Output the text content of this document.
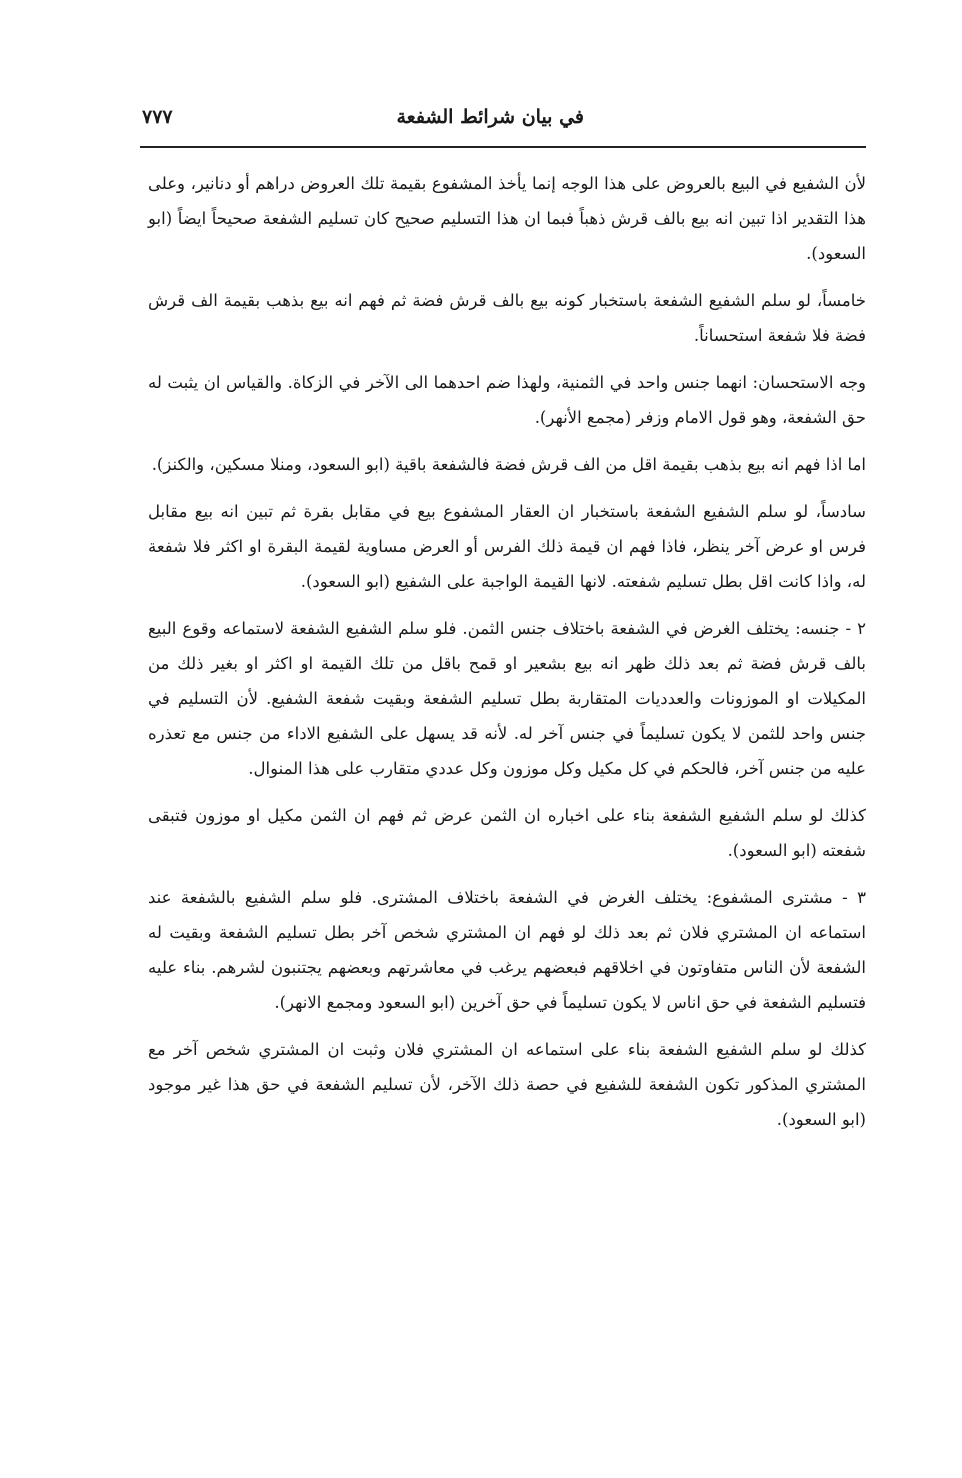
في بيان شرائط الشفعة
٧٧٧

لأن الشفيع في البيع بالعروض على هذا الوجه إنما يأخذ المشفوع بقيمة تلك العروض دراهم أو دنانير، وعلى هذا التقدير اذا تبين انه بيع بالف قرش ذهباً فبما ان هذا التسليم صحيح كان تسليم الشفعة صحيحاً ايضاً (ابو السعود).

خامساً، لو سلم الشفيع الشفعة باستخبار كونه بيع بالف قرش فضة ثم فهم انه بيع بذهب بقيمة الف قرش فضة فلا شفعة استحساناً.

وجه الاستحسان: انهما جنس واحد في الثمنية، ولهذا ضم احدهما الى الآخر في الزكاة. والقياس ان يثبت له حق الشفعة، وهو قول الامام وزفر (مجمع الأنهر).

اما اذا فهم انه بيع بذهب بقيمة اقل من الف قرش فضة فالشفعة باقية (ابو السعود، ومنلا مسكين، والكنز).

سادساً، لو سلم الشفيع الشفعة باستخبار ان العقار المشفوع بيع في مقابل بقرة ثم تبين انه بيع مقابل فرس او عرض آخر ينظر، فاذا فهم ان قيمة ذلك الفرس أو العرض مساوية لقيمة البقرة او اكثر فلا شفعة له، واذا كانت اقل بطل تسليم شفعته. لانها القيمة الواجبة على الشفيع (ابو السعود).

٢ - جنسه: يختلف الغرض في الشفعة باختلاف جنس الثمن. فلو سلم الشفيع الشفعة لاستماعه وقوع البيع بالف قرش فضة ثم بعد ذلك ظهر انه بيع بشعير او قمح باقل من تلك القيمة او اكثر او بغير ذلك من المكيلات او الموزونات والعدديات المتقاربة بطل تسليم الشفعة وبقيت شفعة الشفيع. لأن التسليم في جنس واحد للثمن لا يكون تسليماً في جنس آخر له. لأنه قد يسهل على الشفيع الاداء من جنس مع تعذره عليه من جنس آخر، فالحكم في كل مكيل وكل موزون وكل عددي متقارب على هذا المنوال.

كذلك لو سلم الشفيع الشفعة بناء على اخباره ان الثمن عرض ثم فهم ان الثمن مكيل او موزون فتبقى شفعته (ابو السعود).

٣ - مشترى المشفوع: يختلف الغرض في الشفعة باختلاف المشترى. فلو سلم الشفيع بالشفعة عند استماعه ان المشتري فلان ثم بعد ذلك لو فهم ان المشتري شخص آخر بطل تسليم الشفعة وبقيت له الشفعة لأن الناس متفاوتون في اخلاقهم فبعضهم يرغب في معاشرتهم وبعضهم يجتنبون لشرهم. بناء عليه فتسليم الشفعة في حق اناس لا يكون تسليماً في حق آخرين (ابو السعود ومجمع الانهر).

كذلك لو سلم الشفيع الشفعة بناء على استماعه ان المشتري فلان وثبت ان المشتري شخص آخر مع المشتري المذكور تكون الشفعة للشفيع في حصة ذلك الآخر، لأن تسليم الشفعة في حق هذا غير موجود (ابو السعود).
